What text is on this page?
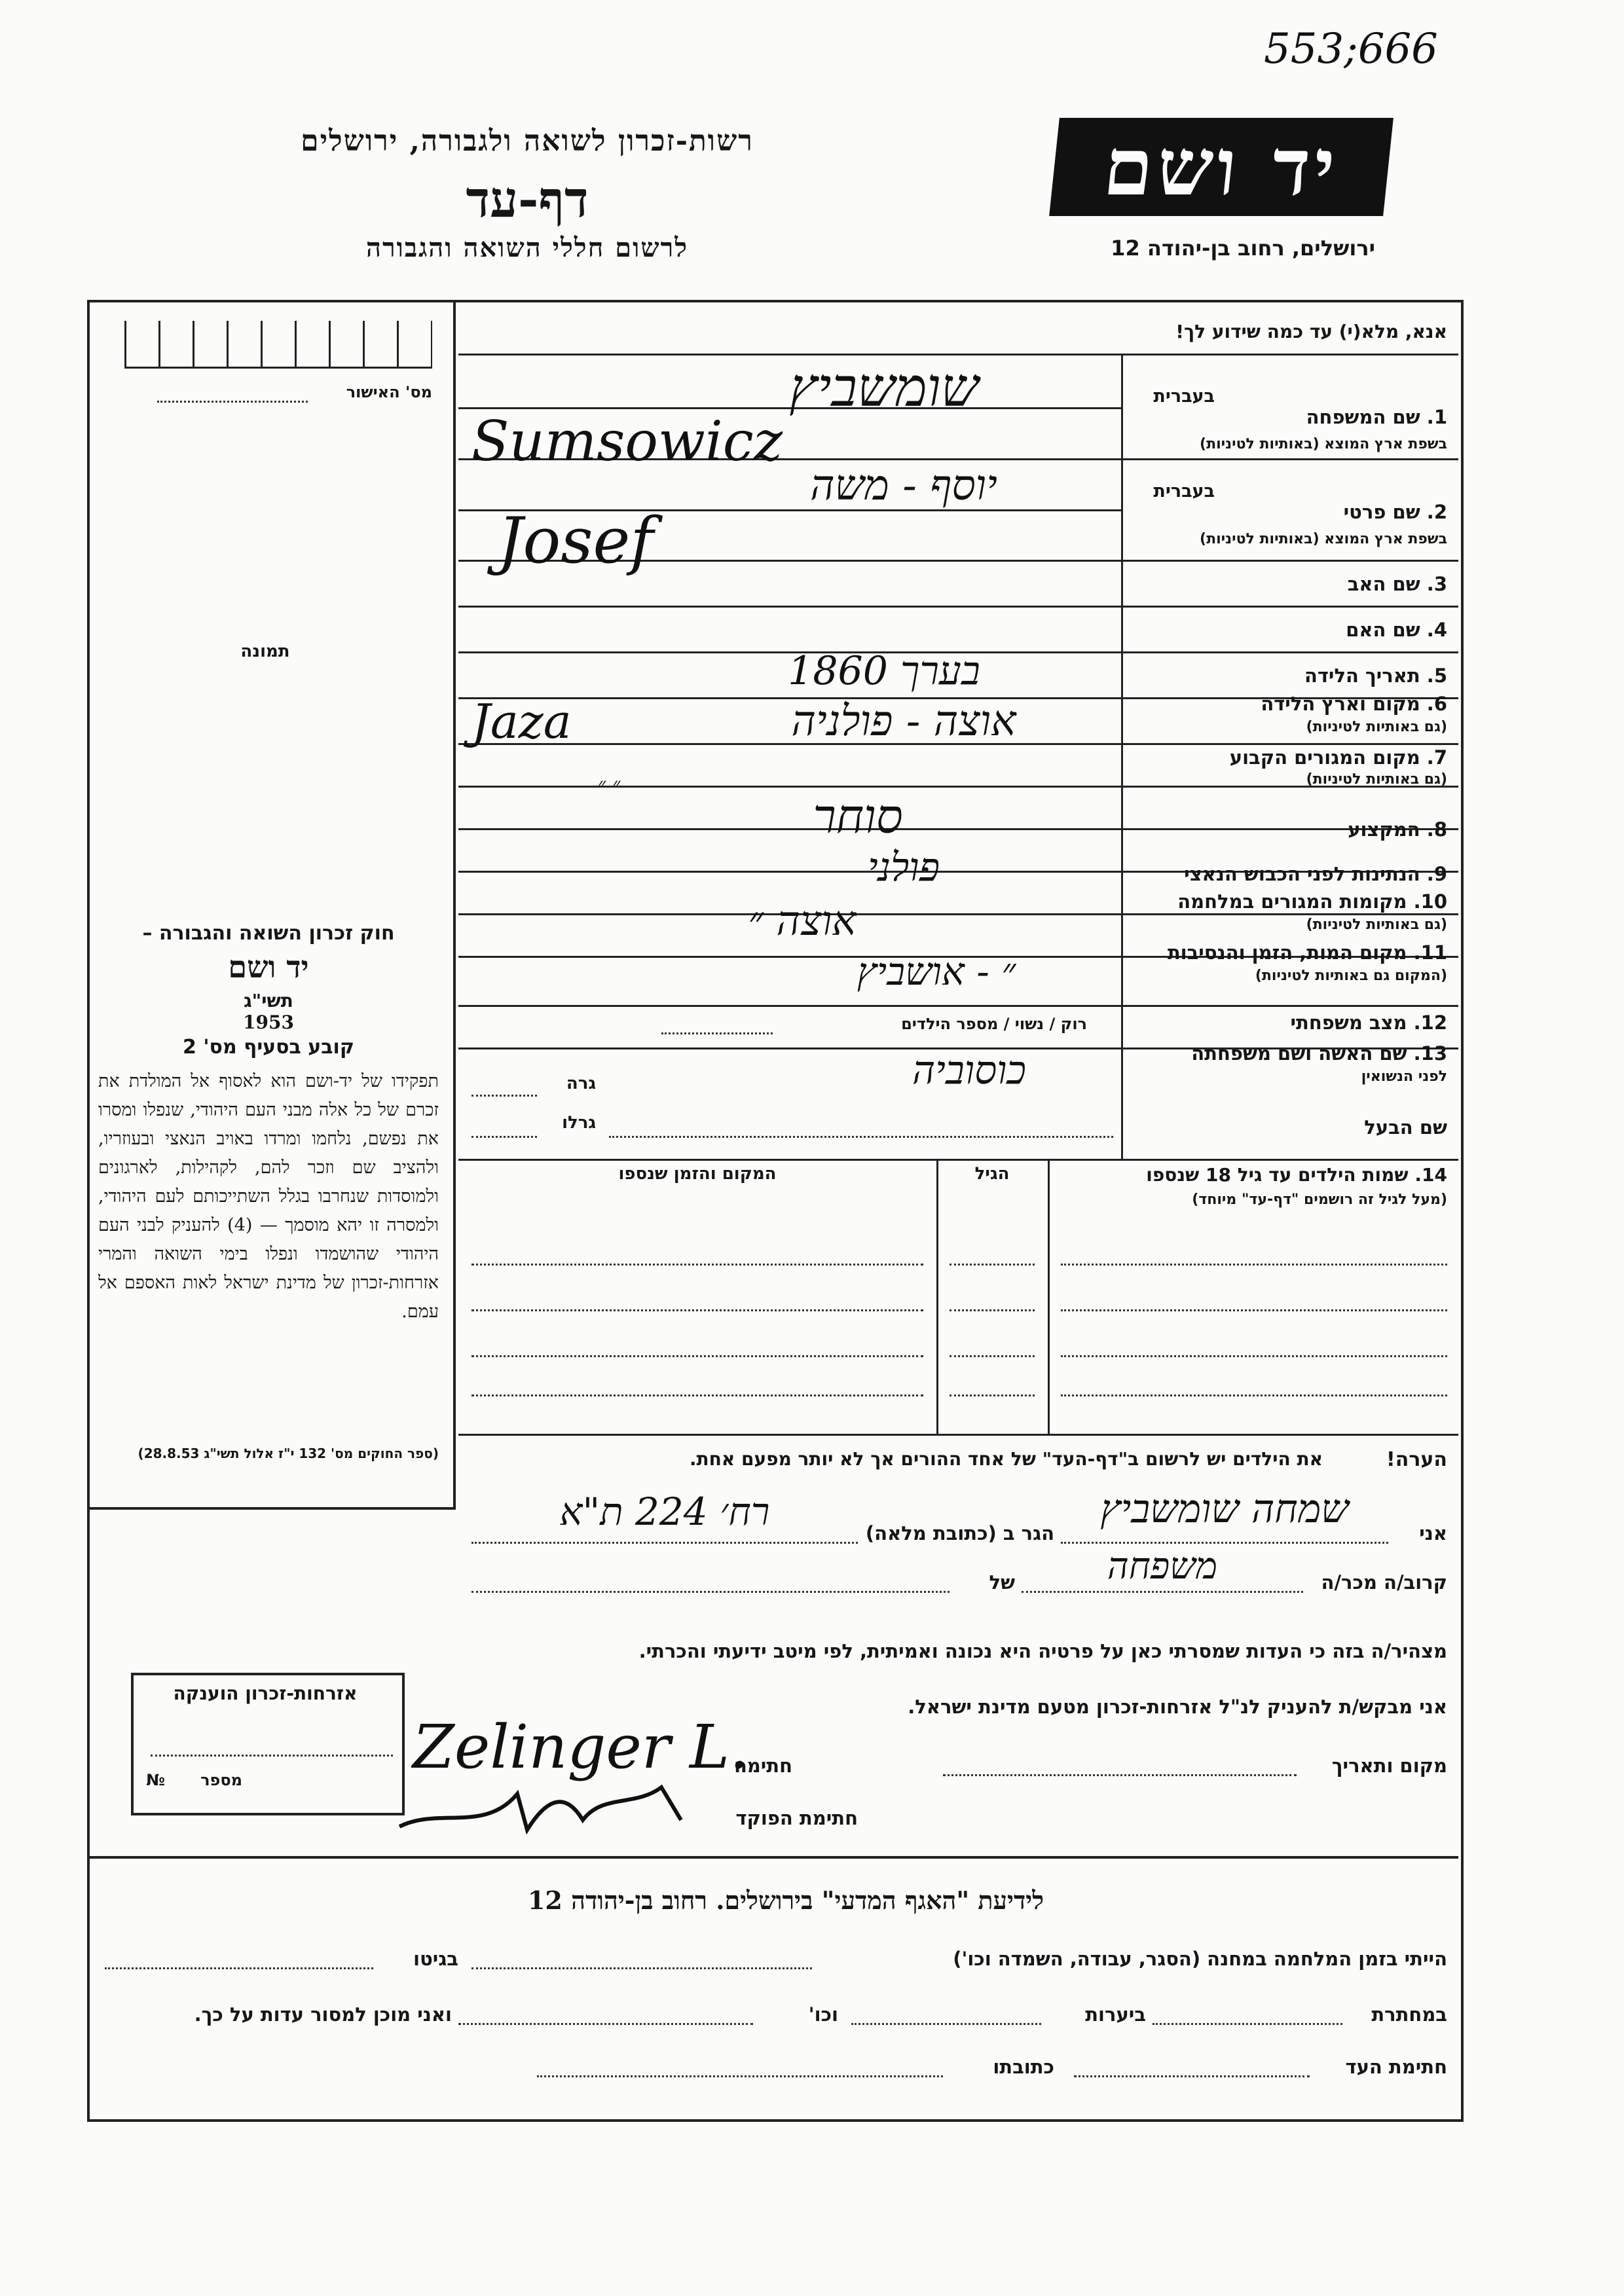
553;666
יד ושם
ירושלים, רחוב בן-יהודה 12
רשות-זכרון לשואה ולגבורה, ירושלים
דף-עד
לרשום חללי השואה והגבורה
מס' האישור
תמונה
חוק זכרון השואה והגבורה –
יד ושם
תשי"ג
1953
קובע בסעיף מס' 2
תפקידו של יד-ושם הוא לאסוף אל המולדת את זכרם של כל אלה מבני העם היהודי, שנפלו ומסרו את נפשם, נלחמו ומרדו באויב הנאצי ובעוזריו, ולהציב שם וזכר להם, לקהילות, לארגונים ולמוסדות שנחרבו בגלל השתייכותם לעם היהודי, ולמסרה זו יהא מוסמך — (4) להעניק לבני העם היהודי שהושמדו ונפלו בימי השואה והמרי אזרחות-זכרון של מדינת ישראל לאות האספם אל עמם.
(ספר החוקים מס' 132 י"ז אלול תשי"ג 28.8.53)
אנא, מלא(י) עד כמה שידוע לך!
בעברית
1. שם המשפחה
בשפת ארץ המוצא (באותיות לטיניות)
בעברית
2. שם פרטי
בשפת ארץ המוצא (באותיות לטיניות)
3. שם האב
4. שם האם
5. תאריך הלידה
6. מקום וארץ הלידה
(גם באותיות לטיניות)
7. מקום המגורים הקבוע
(גם באותיות לטיניות)
8. המקצוע
9. הנתינות לפני הכבוש הנאצי
10. מקומות המגורים במלחמה
(גם באותיות לטיניות)
11. מקום המות, הזמן והנסיבות
(המקום גם באותיות לטיניות)
12. מצב משפחתי
רוק / נשוי / מספר הילדים
13. שם האשה ושם משפחתה
לפני הנשואין
גרה
שם הבעל
גרלו
14. שמות הילדים עד גיל 18 שנספו
(מעל לגיל זה רושמים "דף-עד" מיוחד)
הגיל
המקום והזמן שנספו
שומשביץ
Sumsowicz
יוסף - משה
Josef
בערך 1860
Jaza	אוצה - פולניה
״ ״
סוחר
פולני
אוצה ״
״ - אושביץ
כוסוביה
הערה!
את הילדים יש לרשום ב"דף-העד" של אחד ההורים אך לא יותר מפעם אחת.
אני
שמחה שומשביץ
הגר ב (כתובת מלאה)
רח׳ 224 ת"א
קרוב/ה מכר/ה
משפחה
של
מצהיר/ה בזה כי העדות שמסרתי כאן על פרטיה היא נכונה ואמיתית, לפי מיטב ידיעתי והכרתי.
אני מבקש/ת להעניק לנ"ל אזרחות-זכרון מטעם מדינת ישראל.
מקום ותאריך
חתימה
Zelinger L.
חתימת הפוקד
אזרחות-זכרון הוענקה
מספר
№
לידיעת "האגף המדעי" בירושלים. רחוב בן-יהודה 12
הייתי בזמן המלחמה במחנה (הסגר, עבודה, השמדה וכו')
בגיטו
במחתרת
ביערות
וכו'
ואני מוכן למסור עדות על כך.
חתימת העד
כתובתו
